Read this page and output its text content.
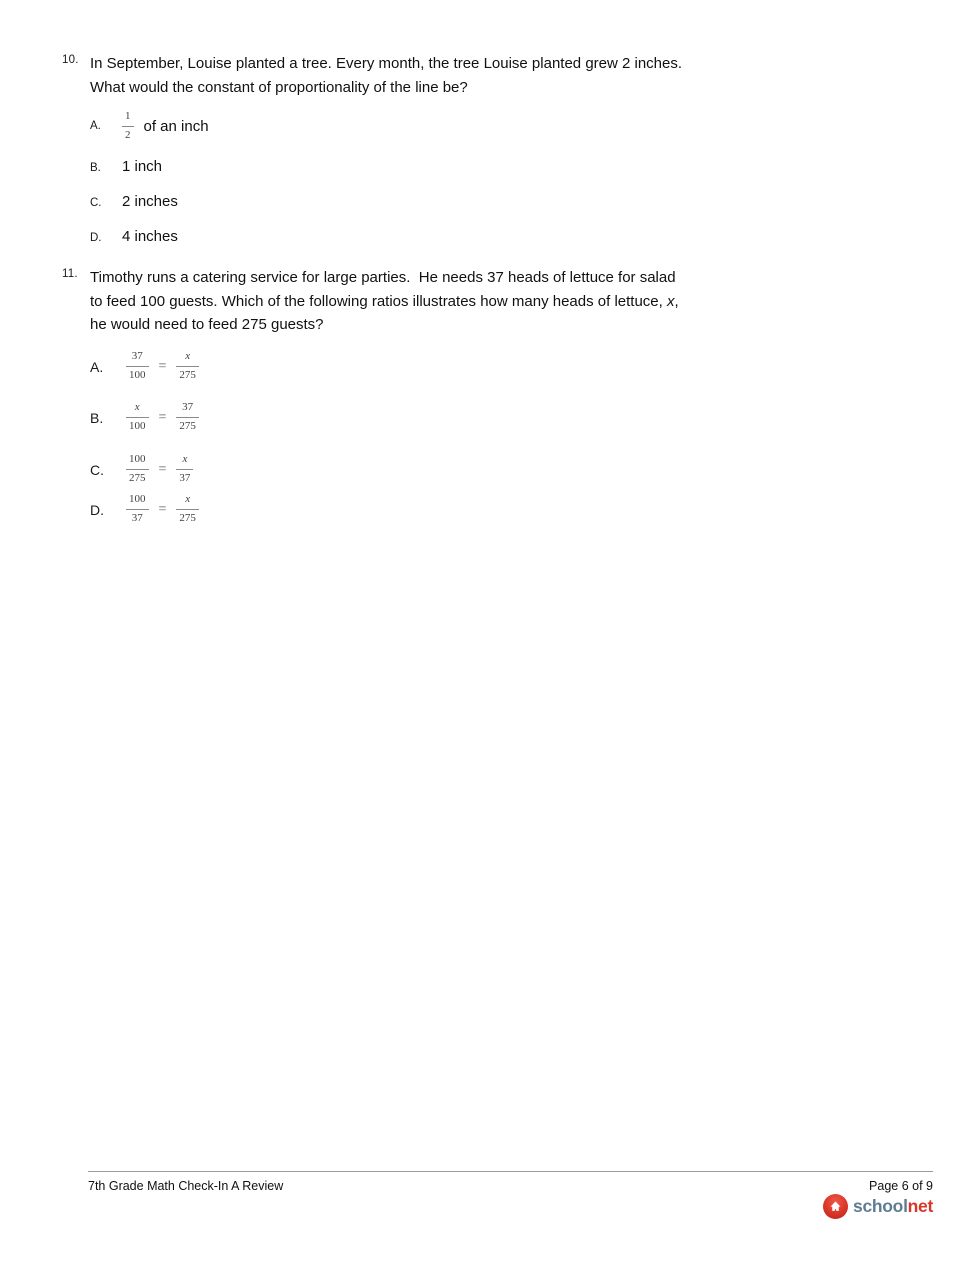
10. In September, Louise planted a tree. Every month, the tree Louise planted grew 2 inches.
What would the constant of proportionality of the line be?
A.	$\frac{1}{2}$ of an inch
B.	1 inch
C.	2 inches
D.	4 inches
11. Timothy runs a catering service for large parties.  He needs 37 heads of lettuce for salad
to feed 100 guests. Which of the following ratios illustrates how many heads of lettuce, x,
he would need to feed 275 guests?
A.	$\frac{37}{100} = \frac{x}{275}$
B.	$\frac{x}{100} = \frac{37}{275}$
C.	$\frac{100}{275} = \frac{x}{37}$
D.	$\frac{100}{37} = \frac{x}{275}$
7th Grade Math Check-In A Review	Page 6 of 9
schoolnet
